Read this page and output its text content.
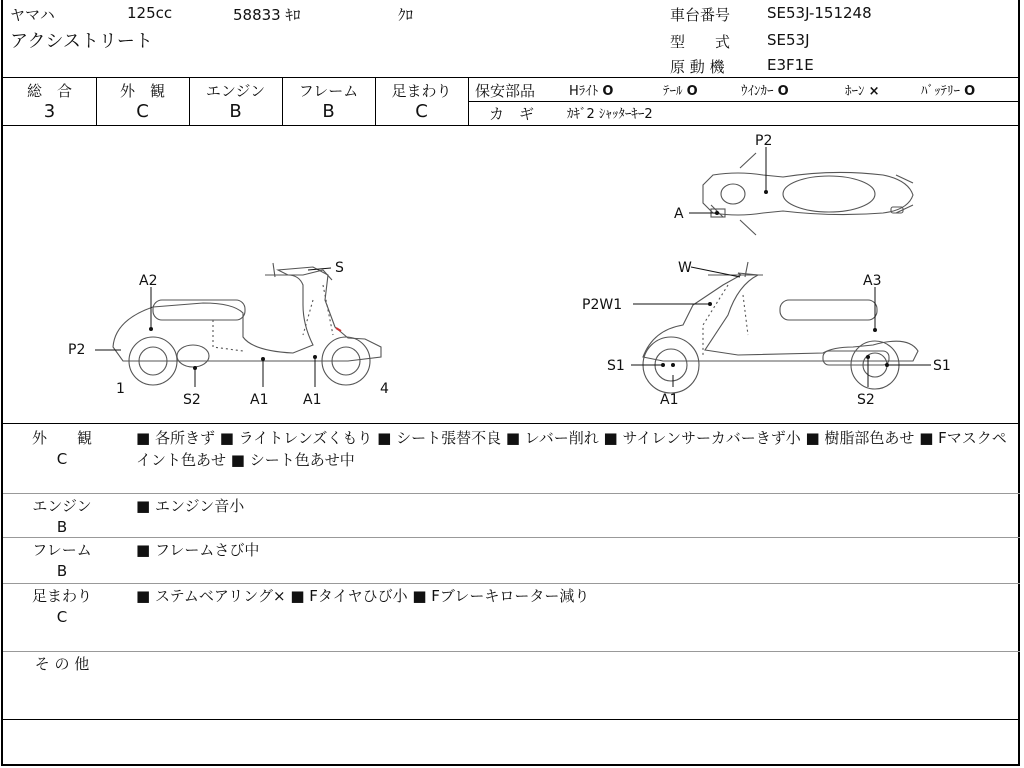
ヤマハ	125cc	58833 ｷﾛ	ｸﾛ
アクシストリート
車台番号 SE53J-151248
型　　式 SE53J
原 動 機	E3F1E
総　合
3
外　観
C
エンジン
B
フレーム
B
足まわり
C
保安部品	Hﾗｲﾄ O	ﾃｰﾙ O	ｳｲﾝｶｰ O	ﾎｰﾝ ×	ﾊﾞｯﾃﾘｰ O
カ　ギ	ｶｷﾞ2 ｼｬｯﾀｰｷｰ2
A2
S
P2
1
S2	A1 A1
4
W
A3
P2W1
S1	S1
A1	S2
P2
A
外　　観
C
■ 各所きず ■ ライトレンズくもり ■ シート張替不良 ■ レバー削れ ■ サイレンサーカバーきず小 ■ 樹脂部色あせ ■ Fマスクペイント色あせ ■ シート色あせ中
エンジン
B
■ エンジン音小
フレーム
B
■ フレームさび中
足まわり
C
■ ステムベアリング× ■ Fタイヤひび小 ■ Fブレーキローター減り
そ の 他
